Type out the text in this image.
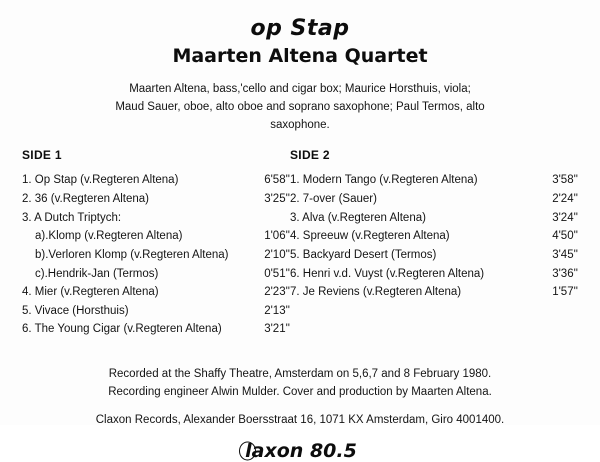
op Stap
Maarten Altena Quartet
Maarten Altena, bass,'cello and cigar box; Maurice Horsthuis, viola;
Maud Sauer, oboe, alto oboe and soprano saxophone; Paul Termos, alto saxophone.
SIDE 1
1. Op Stap (v.Regteren Altena)	6'58''
2. 36 (v.Regteren Altena)	3'25''
3. A Dutch Triptych:
a).Klomp (v.Regteren Altena)	1'06''
b).Verloren Klomp (v.Regteren Altena)	2'10''
c).Hendrik-Jan (Termos)	0'51''
4. Mier (v.Regteren Altena)	2'23''
5. Vivace (Horsthuis)	2'13''
6. The Young Cigar (v.Regteren Altena)	3'21''
SIDE 2
1. Modern Tango (v.Regteren Altena)	3'58''
2. 7-over (Sauer)	2'24''
3. Alva (v.Regteren Altena)	3'24''
4. Spreeuw (v.Regteren Altena)	4'50''
5. Backyard Desert (Termos)	3'45''
6. Henri v.d. Vuyst (v.Regteren Altena)	3'36''
7. Je Reviens (v.Regteren Altena)	1'57''
Recorded at the Shaffy Theatre, Amsterdam on 5,6,7 and 8 February 1980.
Recording engineer Alwin Mulder. Cover and production by Maarten Altena.
Claxon Records, Alexander Boersstraat 16, 1071 KX Amsterdam, Giro 4001400.
laxon 80.5
